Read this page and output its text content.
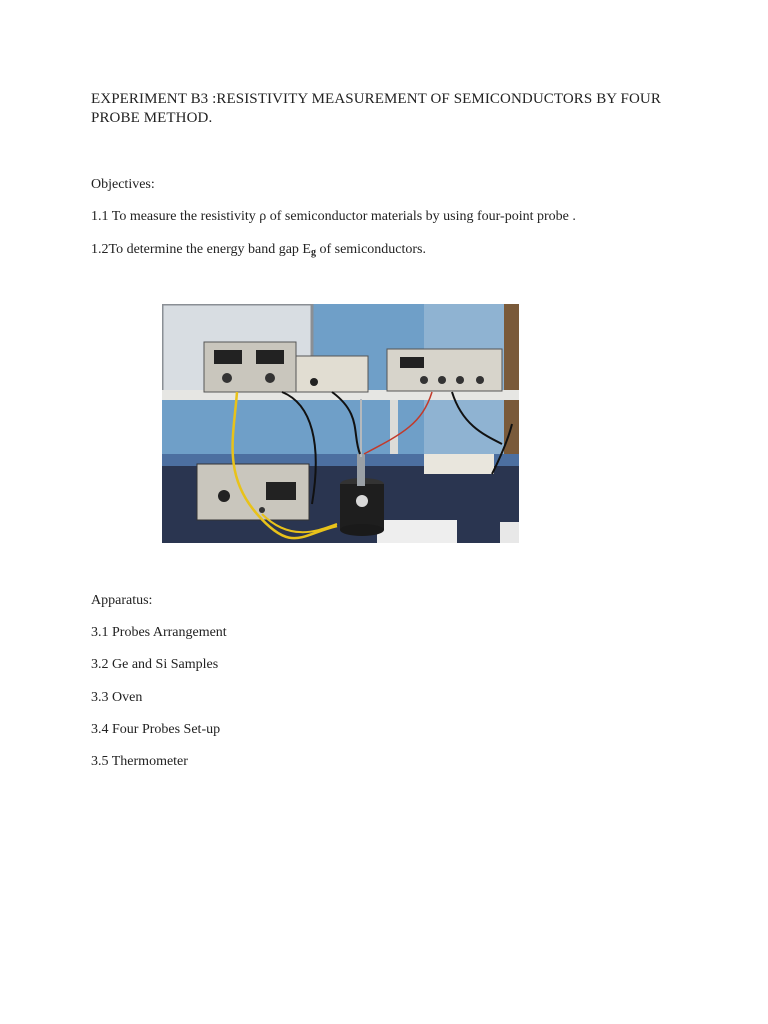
EXPERIMENT B3 :RESISTIVITY MEASUREMENT OF SEMICONDUCTORS BY FOUR PROBE METHOD.
Objectives:
1.1 To measure the resistivity ρ of semiconductor materials by using four-point probe .
1.2To determine the energy band gap $E_g$ of semiconductors.
Apparatus:
3.1 Probes Arrangement
3.2 Ge and Si Samples
3.3 Oven
3.4 Four Probes Set-up
3.5 Thermometer
